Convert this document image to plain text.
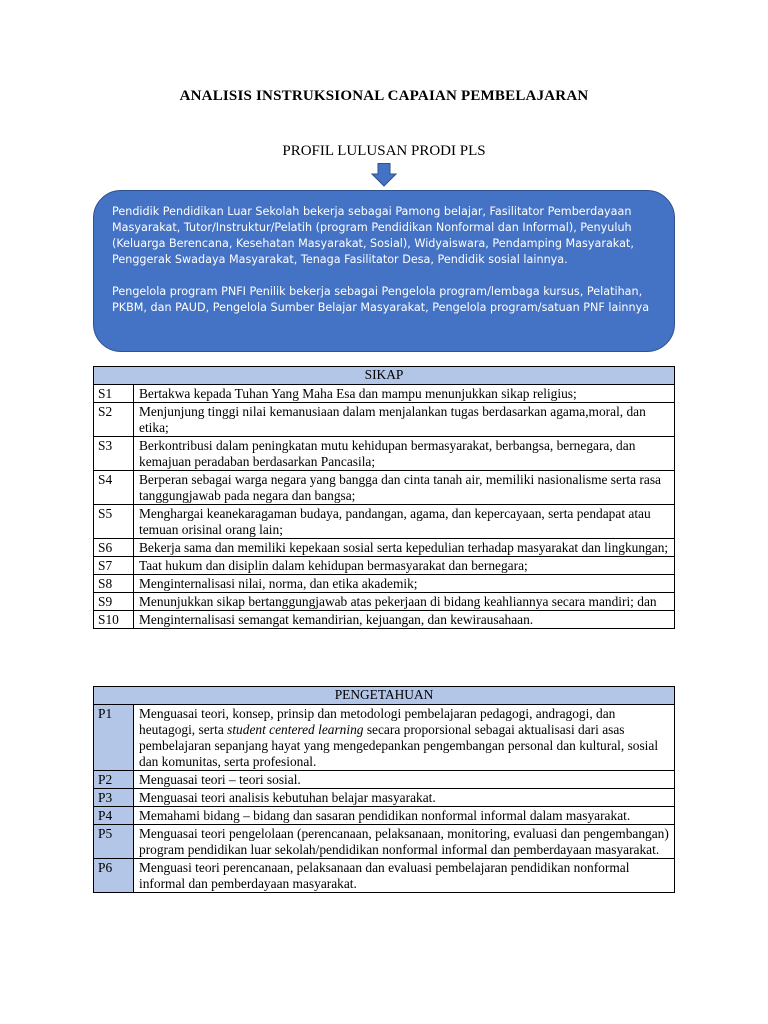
ANALISIS INSTRUKSIONAL CAPAIAN PEMBELAJARAN
PROFIL LULUSAN PRODI PLS

Pendidik Pendidikan Luar Sekolah bekerja sebagai Pamong belajar, Fasilitator Pemberdayaan Masyarakat, Tutor/Instruktur/Pelatih (program Pendidikan Nonformal dan Informal), Penyuluh (Keluarga Berencana, Kesehatan Masyarakat, Sosial), Widyaiswara, Pendamping Masyarakat, Penggerak Swadaya Masyarakat, Tenaga Fasilitator Desa, Pendidik sosial lainnya.

Pengelola program PNFI Penilik bekerja sebagai Pengelola program/lembaga kursus, Pelatihan, PKBM, dan PAUD, Pengelola Sumber Belajar Masyarakat, Pengelola program/satuan PNF lainnya

SIKAP	
S1	Bertakwa kepada Tuhan Yang Maha Esa dan mampu menunjukkan sikap religius;
S2	Menjunjung tinggi nilai kemanusiaan dalam menjalankan tugas berdasarkan agama,moral, dan etika;
S3	Berkontribusi dalam peningkatan mutu kehidupan bermasyarakat, berbangsa, bernegara, dan kemajuan peradaban berdasarkan Pancasila;
S4	Berperan sebagai warga negara yang bangga dan cinta tanah air, memiliki nasionalisme serta rasa tanggungjawab pada negara dan bangsa;
S5	Menghargai keanekaragaman budaya, pandangan, agama, dan kepercayaan, serta pendapat atau temuan orisinal orang lain;
S6	Bekerja sama dan memiliki kepekaan sosial serta kepedulian terhadap masyarakat dan lingkungan;
S7	Taat hukum dan disiplin dalam kehidupan bermasyarakat dan bernegara;
S8	Menginternalisasi nilai, norma, dan etika akademik;
S9	Menunjukkan sikap bertanggungjawab atas pekerjaan di bidang keahliannya secara mandiri; dan
S10	Menginternalisasi semangat kemandirian, kejuangan, dan kewirausahaan.
PENGETAHUAN	
P1	Menguasai teori, konsep, prinsip dan metodologi pembelajaran pedagogi, andragogi, dan heutagogi, serta student centered learning secara proporsional sebagai aktualisasi dari asas pembelajaran sepanjang hayat yang mengedepankan pengembangan personal dan kultural, sosial dan komunitas, serta profesional.
P2	Menguasai teori – teori sosial.
P3	Menguasai teori analisis kebutuhan belajar masyarakat.
P4	Memahami bidang – bidang dan sasaran pendidikan nonformal informal dalam masyarakat.
P5	Menguasai teori pengelolaan (perencanaan, pelaksanaan, monitoring, evaluasi dan pengembangan) program pendidikan luar sekolah/pendidikan nonformal informal dan pemberdayaan masyarakat.
P6	Menguasi teori perencanaan, pelaksanaan dan evaluasi pembelajaran pendidikan nonformal informal dan pemberdayaan masyarakat.
